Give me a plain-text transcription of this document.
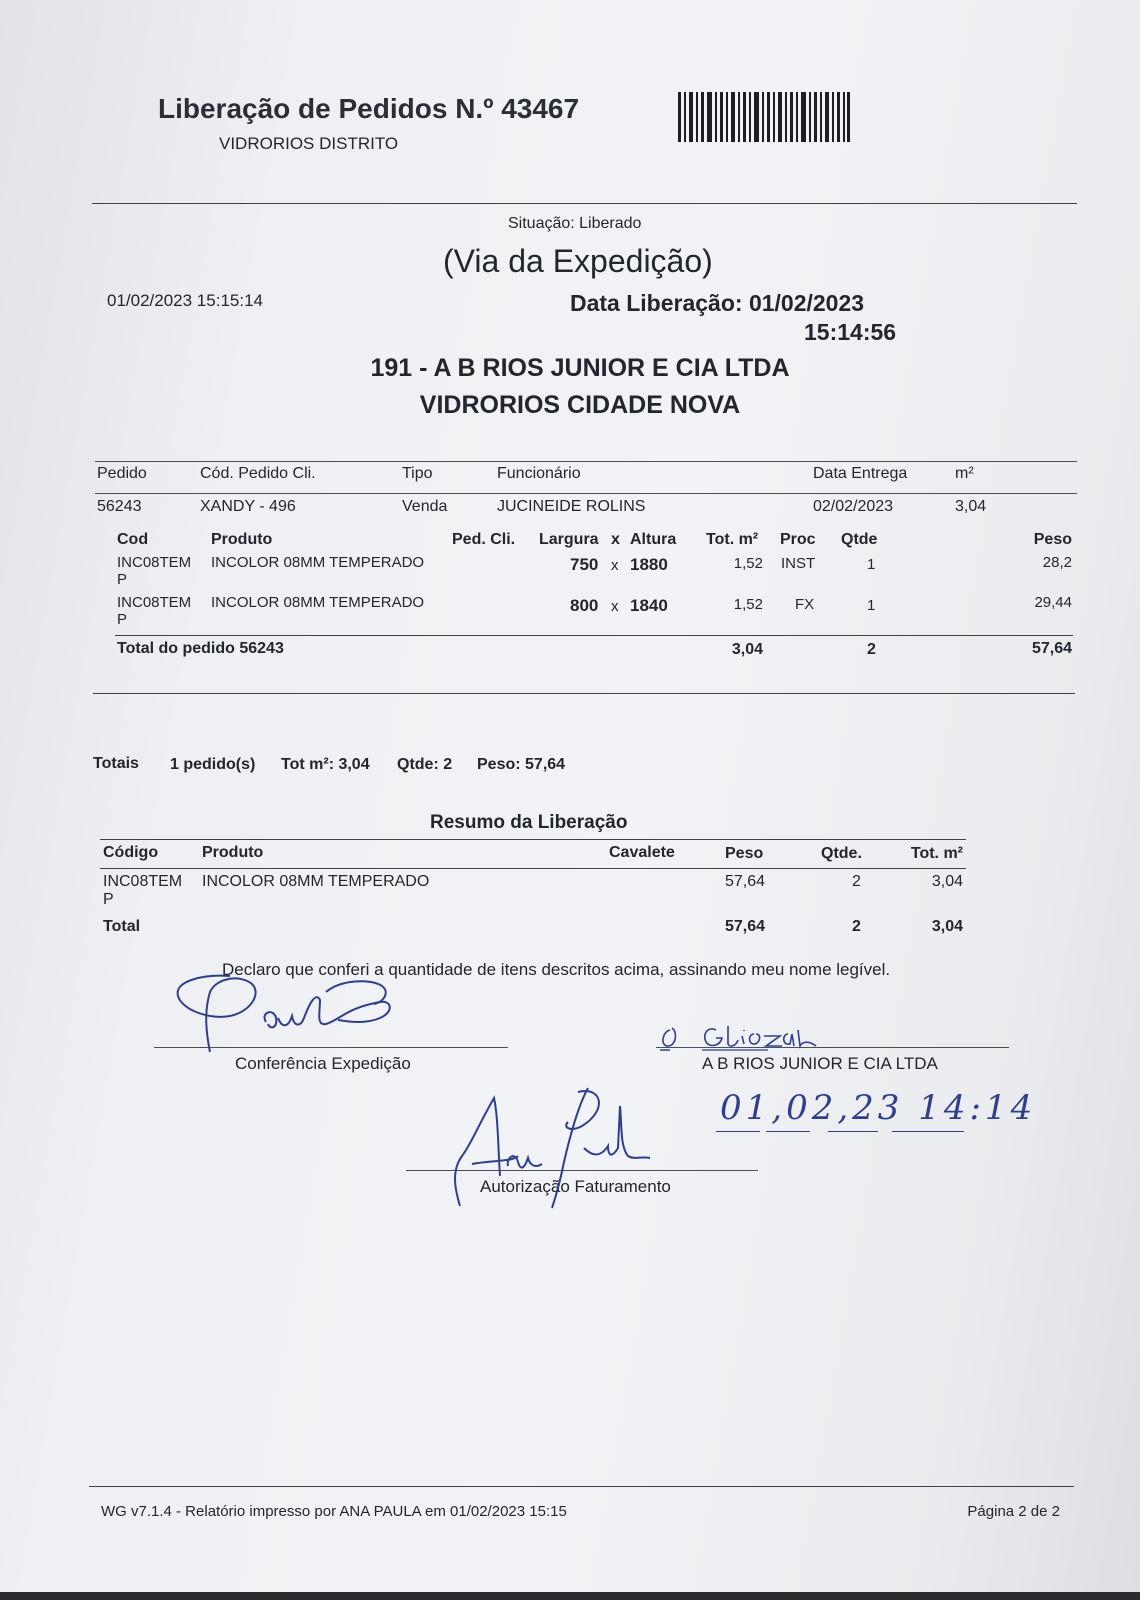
Liberação de Pedidos N.º 43467
VIDRORIOS DISTRITO
Situação: Liberado
(Via da Expedição)
01/02/2023 15:15:14	Data Liberação: 01/02/2023
15:14:56
191 - A B RIOS JUNIOR E CIA LTDA
VIDRORIOS CIDADE NOVA
Pedido	Cód. Pedido Cli.	Tipo	Funcionário	Data Entrega	m²
56243	XANDY - 496	Venda	JUCINEIDE ROLINS	02/02/2023	3,04
Cod	Produto	Ped. Cli. Largura x Altura Tot. m² Proc Qtde	Peso
INC08TEM
P
INCOLOR 08MM TEMPERADO	750 x 1880	1,52 INST	1	28,2
INC08TEM
P
INCOLOR 08MM TEMPERADO	800 x 1840	1,52 FX	1	29,44
Total do pedido 56243	3,04	2	57,64
Totais 1 pedido(s) Tot m²: 3,04 Qtde: 2 Peso: 57,64
Resumo da Liberação
Código	Produto	Cavalete	Peso	Qtde.	Tot. m²
INC08TEM
P
INCOLOR 08MM TEMPERADO	57,64	2	3,04
Total	57,64	2	3,04
Declaro que conferi a quantidade de itens descritos acima, assinando meu nome legível.
Conferência Expedição	A B RIOS JUNIOR E CIA LTDA
Autorização Faturamento
01,02,23 14:14
WG v7.1.4 - Relatório impresso por ANA PAULA em 01/02/2023 15:15	Página 2 de 2
